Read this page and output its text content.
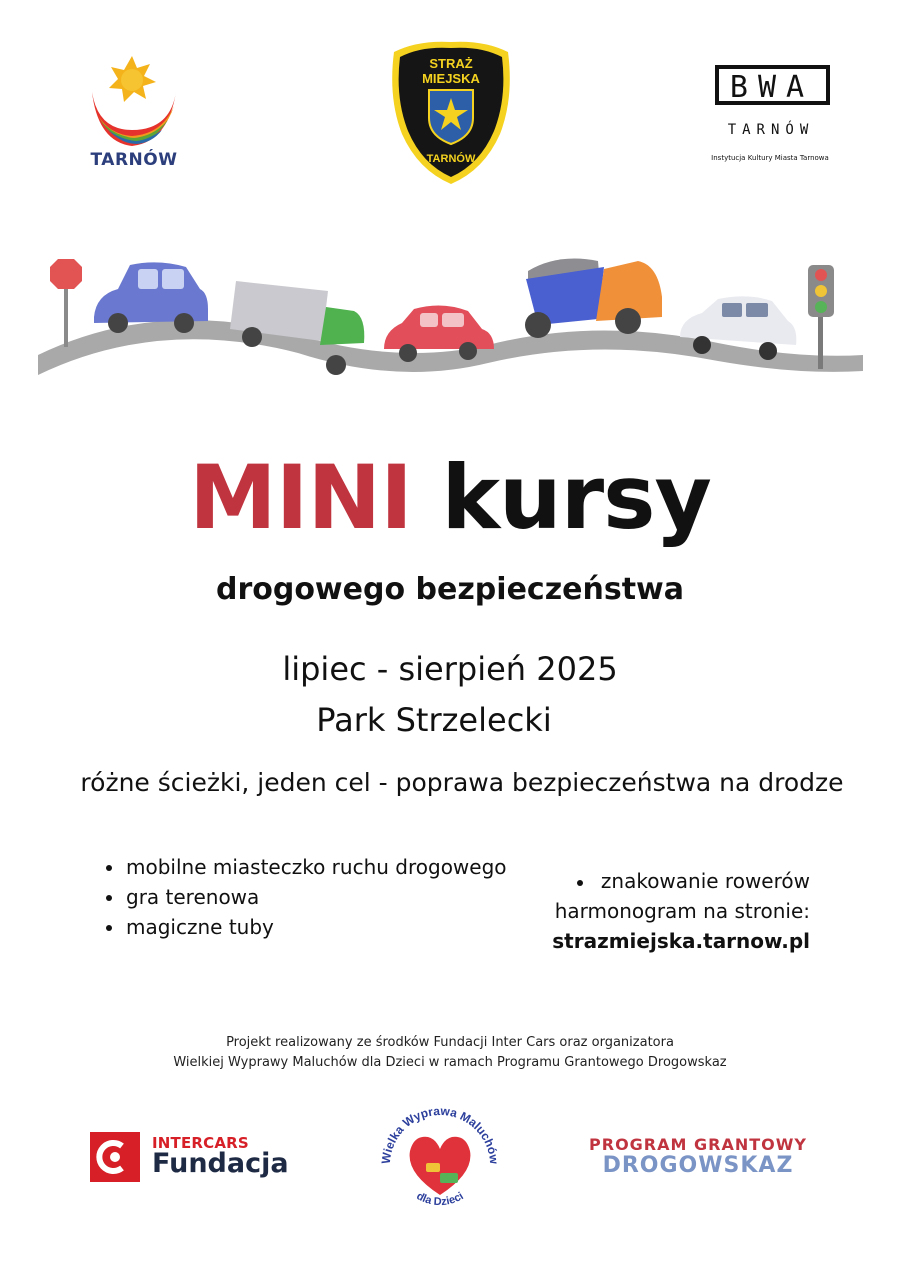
TARNÓW
STRAŻ
MIEJSKA
TARNÓW
BWA
TARNÓW
Instytucja Kultury Miasta Tarnowa
MINI kursy
drogowego bezpieczeństwa
lipiec - sierpień 2025
Park Strzelecki
różne ścieżki, jeden cel - poprawa bezpieczeństwa na drodze
mobilne miasteczko ruchu drogowego
gra terenowa
magiczne tuby
znakowanie rowerów
harmonogram na stronie:
strazmiejska.tarnow.pl
Projekt realizowany ze środków Fundacji Inter Cars oraz organizatora
Wielkiej Wyprawy Maluchów dla Dzieci w ramach Programu Grantowego Drogowskaz
INTERCARS
Fundacja	Wielka Wyprawa Maluchów
dla Dzieci
PROGRAM GRANTOWY
DROGOWSKAZ
